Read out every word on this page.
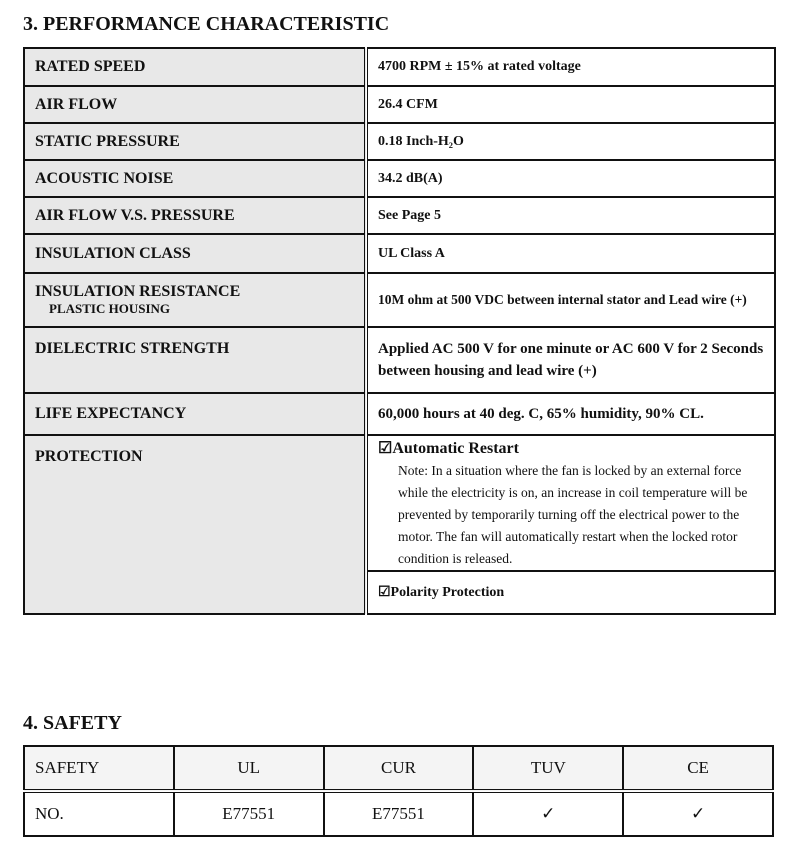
3. PERFORMANCE CHARACTERISTIC
RATED SPEED	4700 RPM ± 15% at rated voltage
AIR FLOW	26.4 CFM
STATIC PRESSURE	0.18 Inch-H₂O
ACOUSTIC NOISE	34.2 dB(A)
AIR FLOW V.S. PRESSURE	See Page 5
INSULATION CLASS	UL Class A
INSULATION RESISTANCE
PLASTIC HOUSING	10M ohm at 500 VDC between internal stator and Lead wire (+)
DIELECTRIC STRENGTH	Applied AC 500 V for one minute or AC 600 V for 2 Seconds between housing and lead wire (+)
LIFE EXPECTANCY	60,000 hours at 40 deg. C, 65% humidity, 90% CL.
PROTECTION	☑Automatic Restart
Note: In a situation where the fan is locked by an external force while the electricity is on, an increase in coil temperature will be prevented by temporarily turning off the electrical power to the motor. The fan will automatically restart when the locked rotor condition is released.

	☑Polarity Protection
4. SAFETY
SAFETY	UL	CUR	TUV	CE
NO.	E77551	E77551	✓	✓
